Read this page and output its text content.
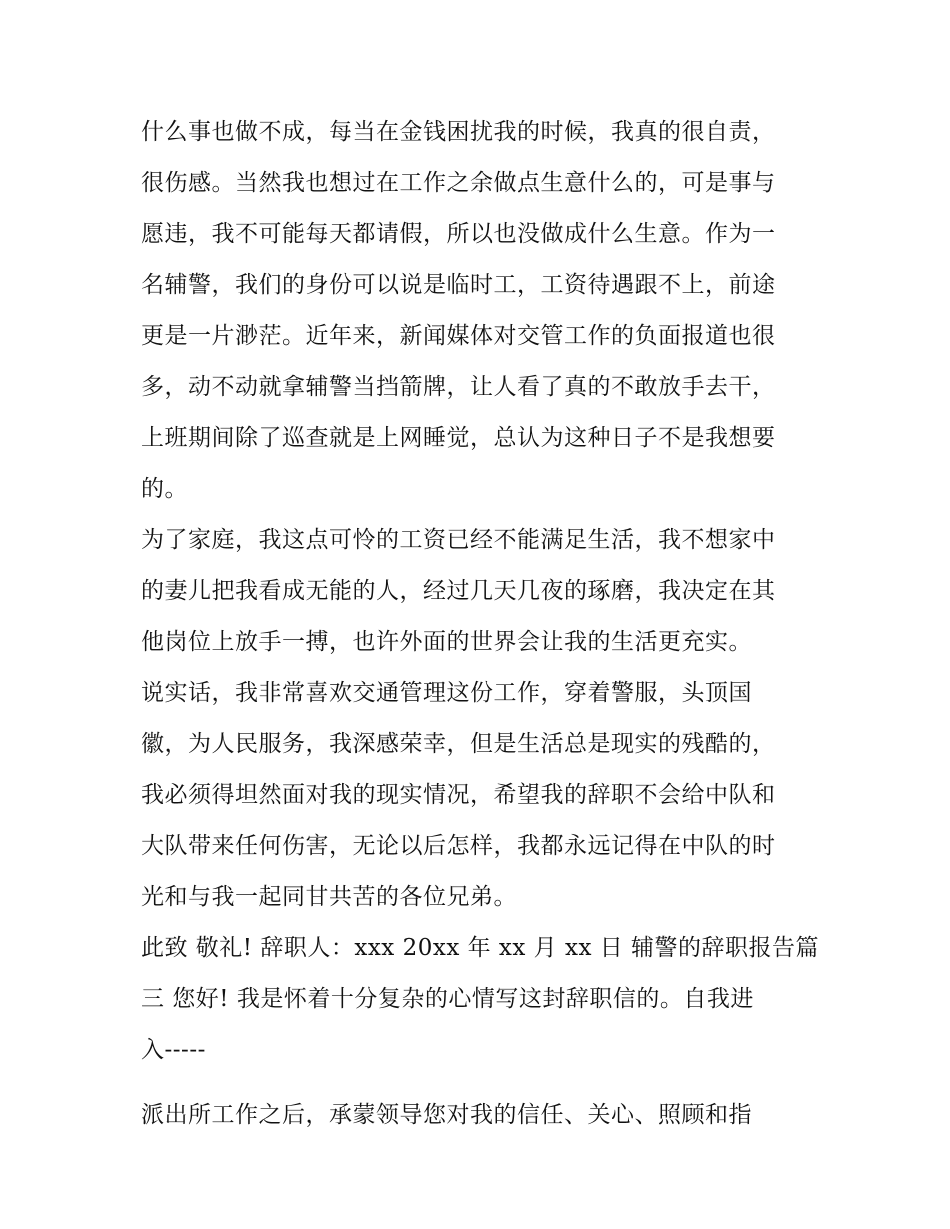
什么事也做不成，每当在金钱困扰我的时候，我真的很自责，
很伤感。当然我也想过在工作之余做点生意什么的，可是事与
愿违，我不可能每天都请假，所以也没做成什么生意。作为一
名辅警，我们的身份可以说是临时工，工资待遇跟不上，前途
更是一片渺茫。近年来，新闻媒体对交管工作的负面报道也很
多，动不动就拿辅警当挡箭牌，让人看了真的不敢放手去干，
上班期间除了巡查就是上网睡觉，总认为这种日子不是我想要
的。
为了家庭，我这点可怜的工资已经不能满足生活，我不想家中
的妻儿把我看成无能的人，经过几天几夜的琢磨，我决定在其
他岗位上放手一搏，也许外面的世界会让我的生活更充实。
说实话，我非常喜欢交通管理这份工作，穿着警服，头顶国
徽，为人民服务，我深感荣幸，但是生活总是现实的残酷的，
我必须得坦然面对我的现实情况，希望我的辞职不会给中队和
大队带来任何伤害，无论以后怎样，我都永远记得在中队的时
光和与我一起同甘共苦的各位兄弟。
此致 敬礼! 辞职人：xxx 20xx 年 xx 月 xx 日 辅警的辞职报告篇
三 您好! 我是怀着十分复杂的心情写这封辞职信的。自我进
入-----
派出所工作之后，承蒙领导您对我的信任、关心、照顾和指
